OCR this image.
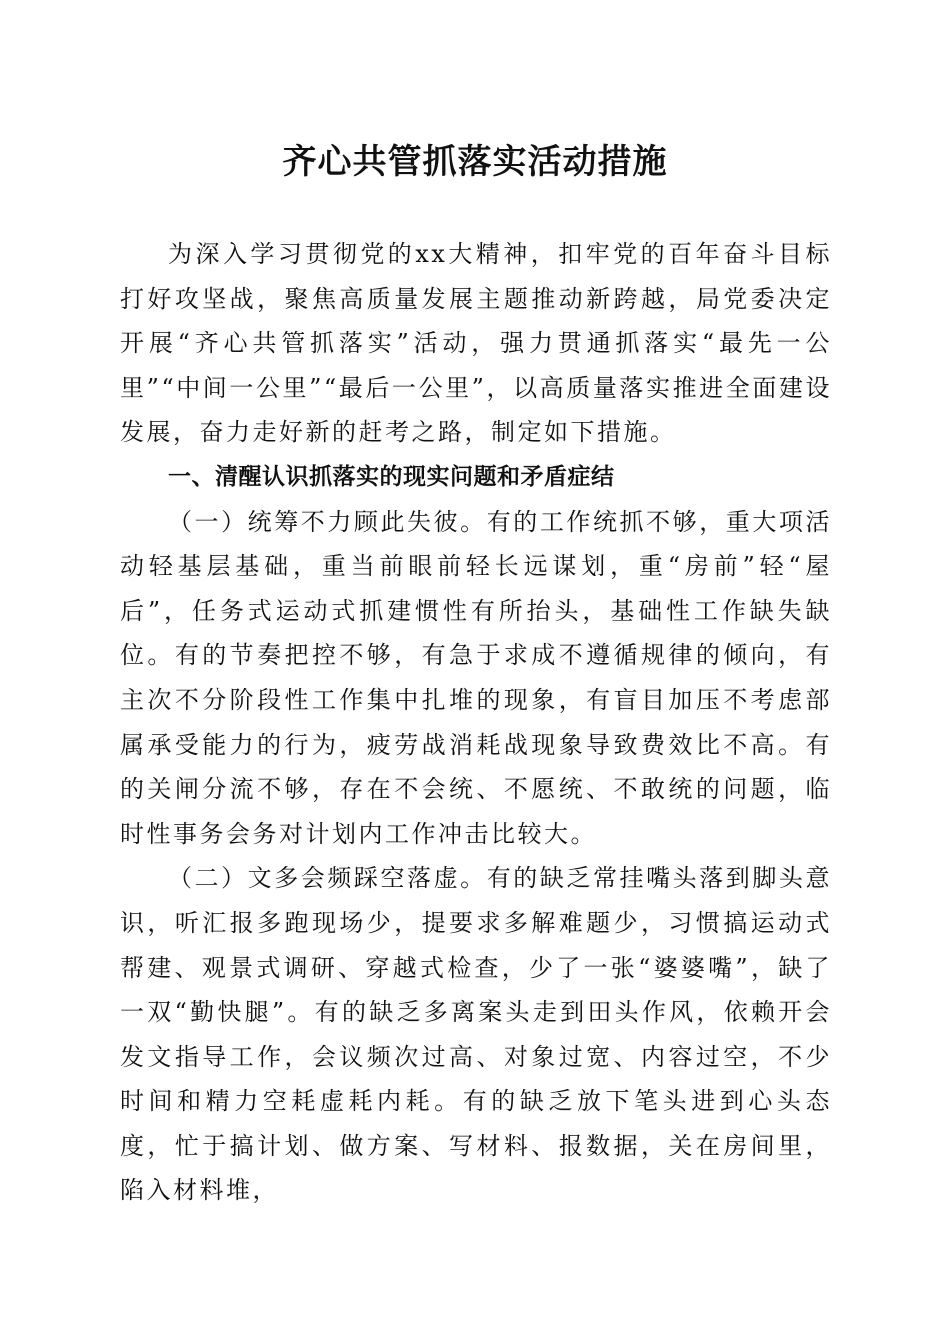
齐心共管抓落实活动措施

为深入学习贯彻党的xx大精神，扣牢党的百年奋斗目标打好攻坚战，聚焦高质量发展主题推动新跨越，局党委决定开展“齐心共管抓落实”活动，强力贯通抓落实“最先一公里”“中间一公里”“最后一公里”，以高质量落实推进全面建设发展，奋力走好新的赶考之路，制定如下措施。

一、清醒认识抓落实的现实问题和矛盾症结

（一）统筹不力顾此失彼。有的工作统抓不够，重大项活动轻基层基础，重当前眼前轻长远谋划，重“房前”轻“屋后”，任务式运动式抓建惯性有所抬头，基础性工作缺失缺位。有的节奏把控不够，有急于求成不遵循规律的倾向，有主次不分阶段性工作集中扎堆的现象，有盲目加压不考虑部属承受能力的行为，疲劳战消耗战现象导致费效比不高。有的关闸分流不够，存在不会统、不愿统、不敢统的问题，临时性事务会务对计划内工作冲击比较大。

（二）文多会频踩空落虚。有的缺乏常挂嘴头落到脚头意识，听汇报多跑现场少，提要求多解难题少，习惯搞运动式帮建、观景式调研、穿越式检查，少了一张“婆婆嘴”，缺了一双“勤快腿”。有的缺乏多离案头走到田头作风，依赖开会发文指导工作，会议频次过高、对象过宽、内容过空，不少时间和精力空耗虚耗内耗。有的缺乏放下笔头进到心头态度，忙于搞计划、做方案、写材料、报数据，关在房间里，陷入材料堆，
